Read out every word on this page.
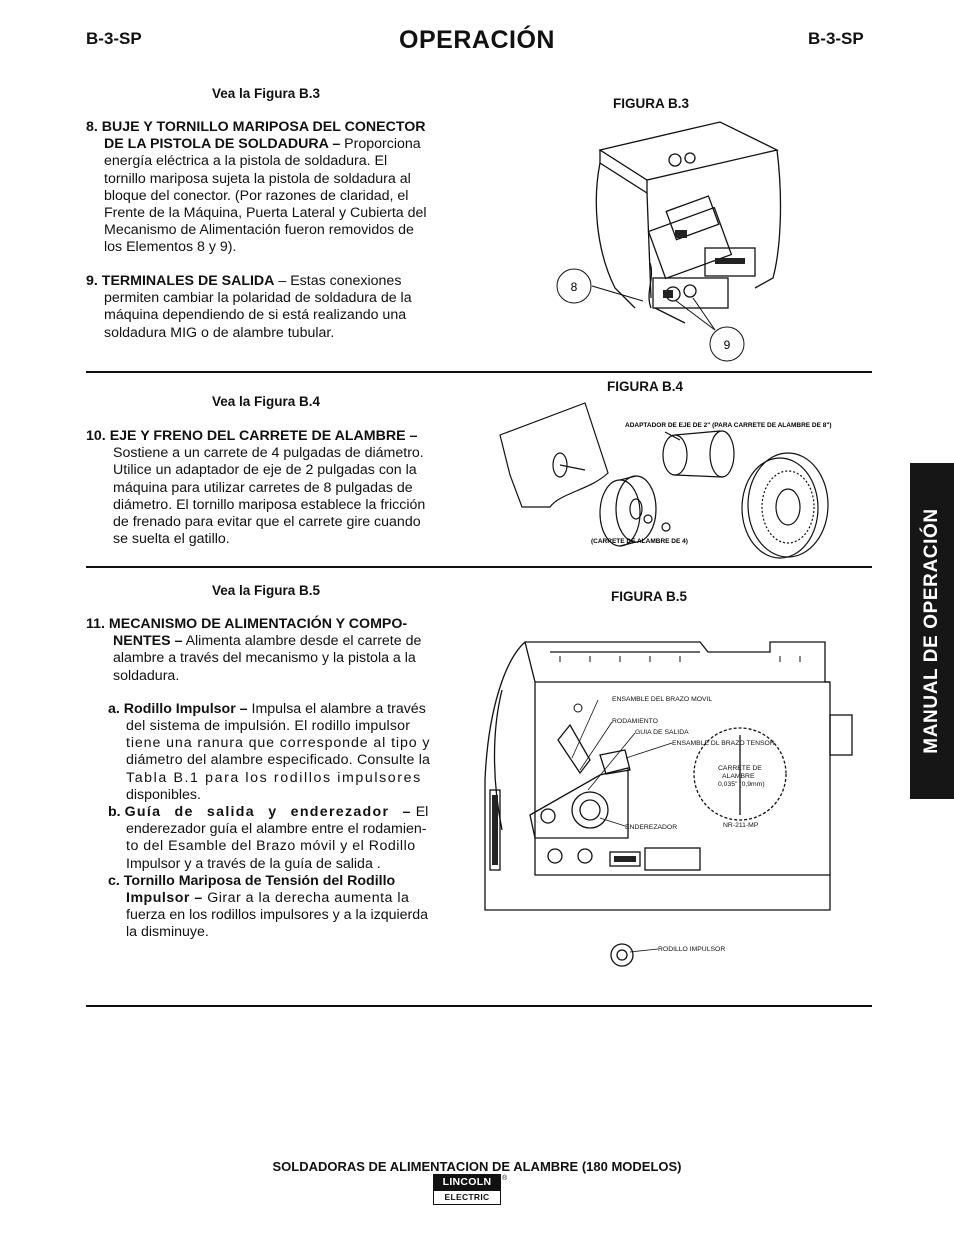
B-3-SP	OPERACIÓN	B-3-SP
MANUAL DE OPERACIÓN
Vea la Figura B.3
8. BUJE Y TORNILLO MARIPOSA DEL CONECTOR
DE LA PISTOLA DE SOLDADURA – Proporciona
energía eléctrica a la pistola de soldadura. El
tornillo mariposa sujeta la pistola de soldadura al
bloque del conector. (Por razones de claridad, el
Frente de la Máquina, Puerta Lateral y Cubierta del
Mecanismo de Alimentación fueron removidos de
los Elementos 8 y 9).
9. TERMINALES DE SALIDA – Estas conexiones
permiten cambiar la polaridad de soldadura de la
máquina dependiendo de si está realizando una
soldadura MIG o de alambre tubular.
FIGURA B.3
8
9
Vea la Figura B.4
10. EJE Y FRENO DEL CARRETE DE ALAMBRE –
Sostiene a un carrete de 4 pulgadas de diámetro.
Utilice un adaptador de eje de 2 pulgadas con la
máquina para utilizar carretes de 8 pulgadas de
diámetro. El tornillo mariposa establece la fricción
de frenado para evitar que el carrete gire cuando
se suelta el gatillo.
FIGURA B.4
ADAPTADOR DE EJE DE 2" (PARA CARRETE DE ALAMBRE DE 8")
(CARRETE DE ALAMBRE DE 4)
Vea la Figura B.5
11. MECANISMO DE ALIMENTACIÓN Y COMPO-
NENTES – Alimenta alambre desde el carrete de
alambre a través del mecanismo y la pistola a la
soldadura.
a. Rodillo Impulsor – Impulsa el alambre a través
del sistema de impulsión. El rodillo impulsor
tiene una ranura que corresponde al tipo y
diámetro del alambre especificado. Consulte la
Tabla B.1 para los rodillos impulsores
disponibles.
b. Guía de salida y enderezador – El
enderezador guía el alambre entre el rodamien-
to del Esamble del Brazo móvil y el Rodillo
Impulsor y a través de la guía de salida .
c. Tornillo Mariposa de Tensión del Rodillo
Impulsor – Girar a la derecha aumenta la
fuerza en los rodillos impulsores y a la izquierda
la disminuye.
FIGURA B.5
ENSAMBLE DEL BRAZO MOVIL
RODAMIENTO
GUIA DE SALIDA
ENSAMBLE DL BRAZO TENSOR
CARRETE DE
ALAMBRE
0,035" (0,9mm)
ENDEREZADOR	NR-211-MP
RODILLO IMPULSOR
SOLDADORAS DE ALIMENTACION DE ALAMBRE (180 MODELOS)
LINCOLN
ELECTRIC
®
